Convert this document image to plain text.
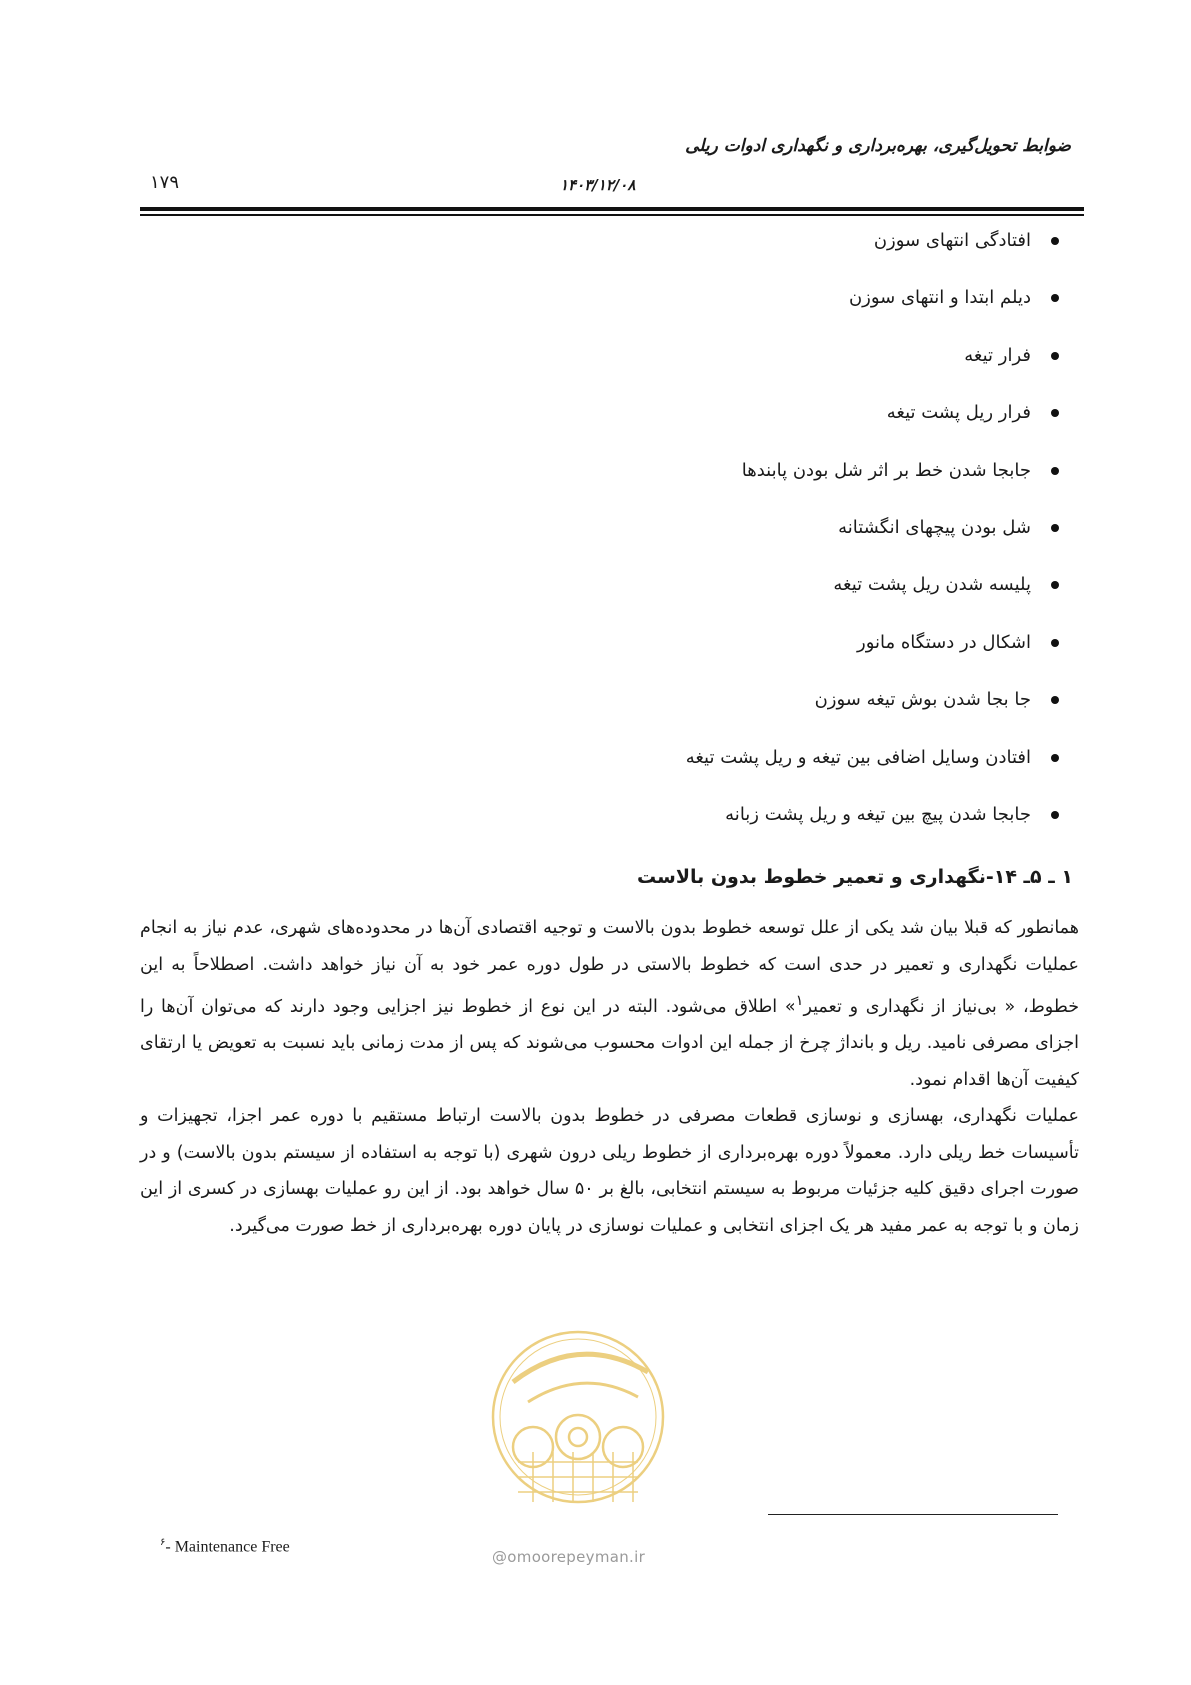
ضوابط تحویل‌گیری، بهره‌برداری و نگهداری ادوات ریلی
۱۷۹	۱۴۰۳/۱۲/۰۸
افتادگی انتهای سوزن
دیلم ابتدا و انتهای سوزن
فرار تیغه
فرار ریل پشت تیغه
جابجا شدن خط بر اثر شل بودن پابندها
شل بودن پیچهای انگشتانه
پلیسه شدن ریل پشت تیغه
اشکال در دستگاه مانور
جا بجا شدن بوش تیغه سوزن
افتادن وسایل اضافی بین تیغه و ریل پشت تیغه
جابجا شدن پیچ بین تیغه و ریل پشت زبانه
۱ ـ ۵ـ ۱۴-نگهداری و تعمیر خطوط بدون بالاست

همانطور که قبلا بیان شد یکی از علل توسعه خطوط بدون بالاست و توجیه اقتصادی آن‌ها در محدوده‌های شهری، عدم نیاز به انجام عملیات نگهداری و تعمیر در حدی است که خطوط بالاستی در طول دوره عمر خود به آن نیاز خواهد داشت. اصطلاحاً به این خطوط، « بی‌نیاز از نگهداری و تعمیر$^۱$» اطلاق می‌شود. البته در این نوع از خطوط نیز اجزایی وجود دارند که می‌توان آن‌ها را اجزای مصرفی نامید. ریل و بانداژ چرخ از جمله این ادوات محسوب می‌شوند که پس از مدت زمانی باید نسبت به تعویض یا ارتقای کیفیت آن‌ها اقدام نمود.

عملیات نگهداری، بهسازی و نوسازی قطعات مصرفی در خطوط بدون بالاست ارتباط مستقیم با دوره عمر اجزا، تجهیزات و تأسیسات خط ریلی دارد. معمولاً دوره بهره‌برداری از خطوط ریلی درون شهری (با توجه به استفاده از سیستم بدون بالاست) و در صورت اجرای دقیق کلیه جزئیات مربوط به سیستم انتخابی، بالغ بر ۵۰ سال خواهد بود. از این رو عملیات بهسازی در کسری از این زمان و با توجه به عمر مفید هر یک اجزای انتخابی و عملیات نوسازی در پایان دوره بهره‌برداری از خط صورت می‌گیرد.

@omoorepeyman.ir
$^۶$- Maintenance Free
